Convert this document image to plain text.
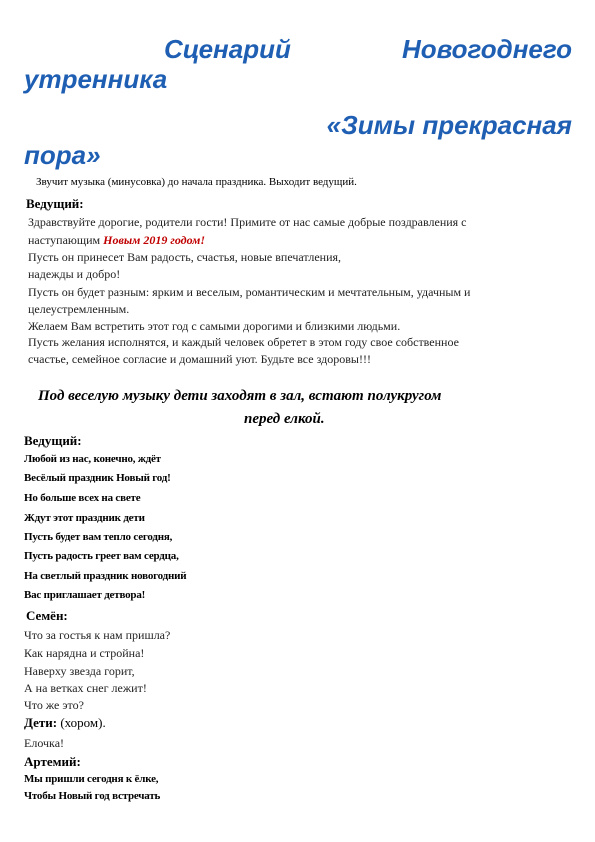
Сценарий	Новогоднего
утренника
«Зимы прекрасная
пора»
Звучит музыка (минусовка) до начала праздника. Выходит ведущий.
Ведущий:
Здравствуйте дорогие, родители гости! Примите от нас самые добрые поздравления с
наступающим Новым 2019 годом!
Пусть он принесет Вам радость, счастья, новые впечатления,
надежды и добро!
Пусть он будет разным: ярким и веселым, романтическим и мечтательным, удачным и
целеустремленным.
Желаем Вам встретить этот год с самыми дорогими и близкими людьми.
Пусть желания исполнятся, и каждый человек обретет в этом году свое собственное
счастье, семейное согласие и домашний уют. Будьте все здоровы!!!
Под веселую музыку дети заходят в зал, встают полукругом
перед елкой.
Ведущий:
Любой из нас, конечно, ждёт
Весёлый праздник Новый год!
Но больше всех на свете
Ждут этот праздник дети
Пусть будет вам тепло сегодня,
Пусть радость греет вам сердца,
На светлый праздник новогодний
Вас приглашает детвора!
Семён:
Что за гостья к нам пришла?
Как нарядна и стройна!
Наверху звезда горит,
А на ветках снег лежит!
Что же это?
Дети: (хором).
Елочка!
Артемий:
Мы пришли сегодня к ёлке,
Чтобы Новый год встречать
